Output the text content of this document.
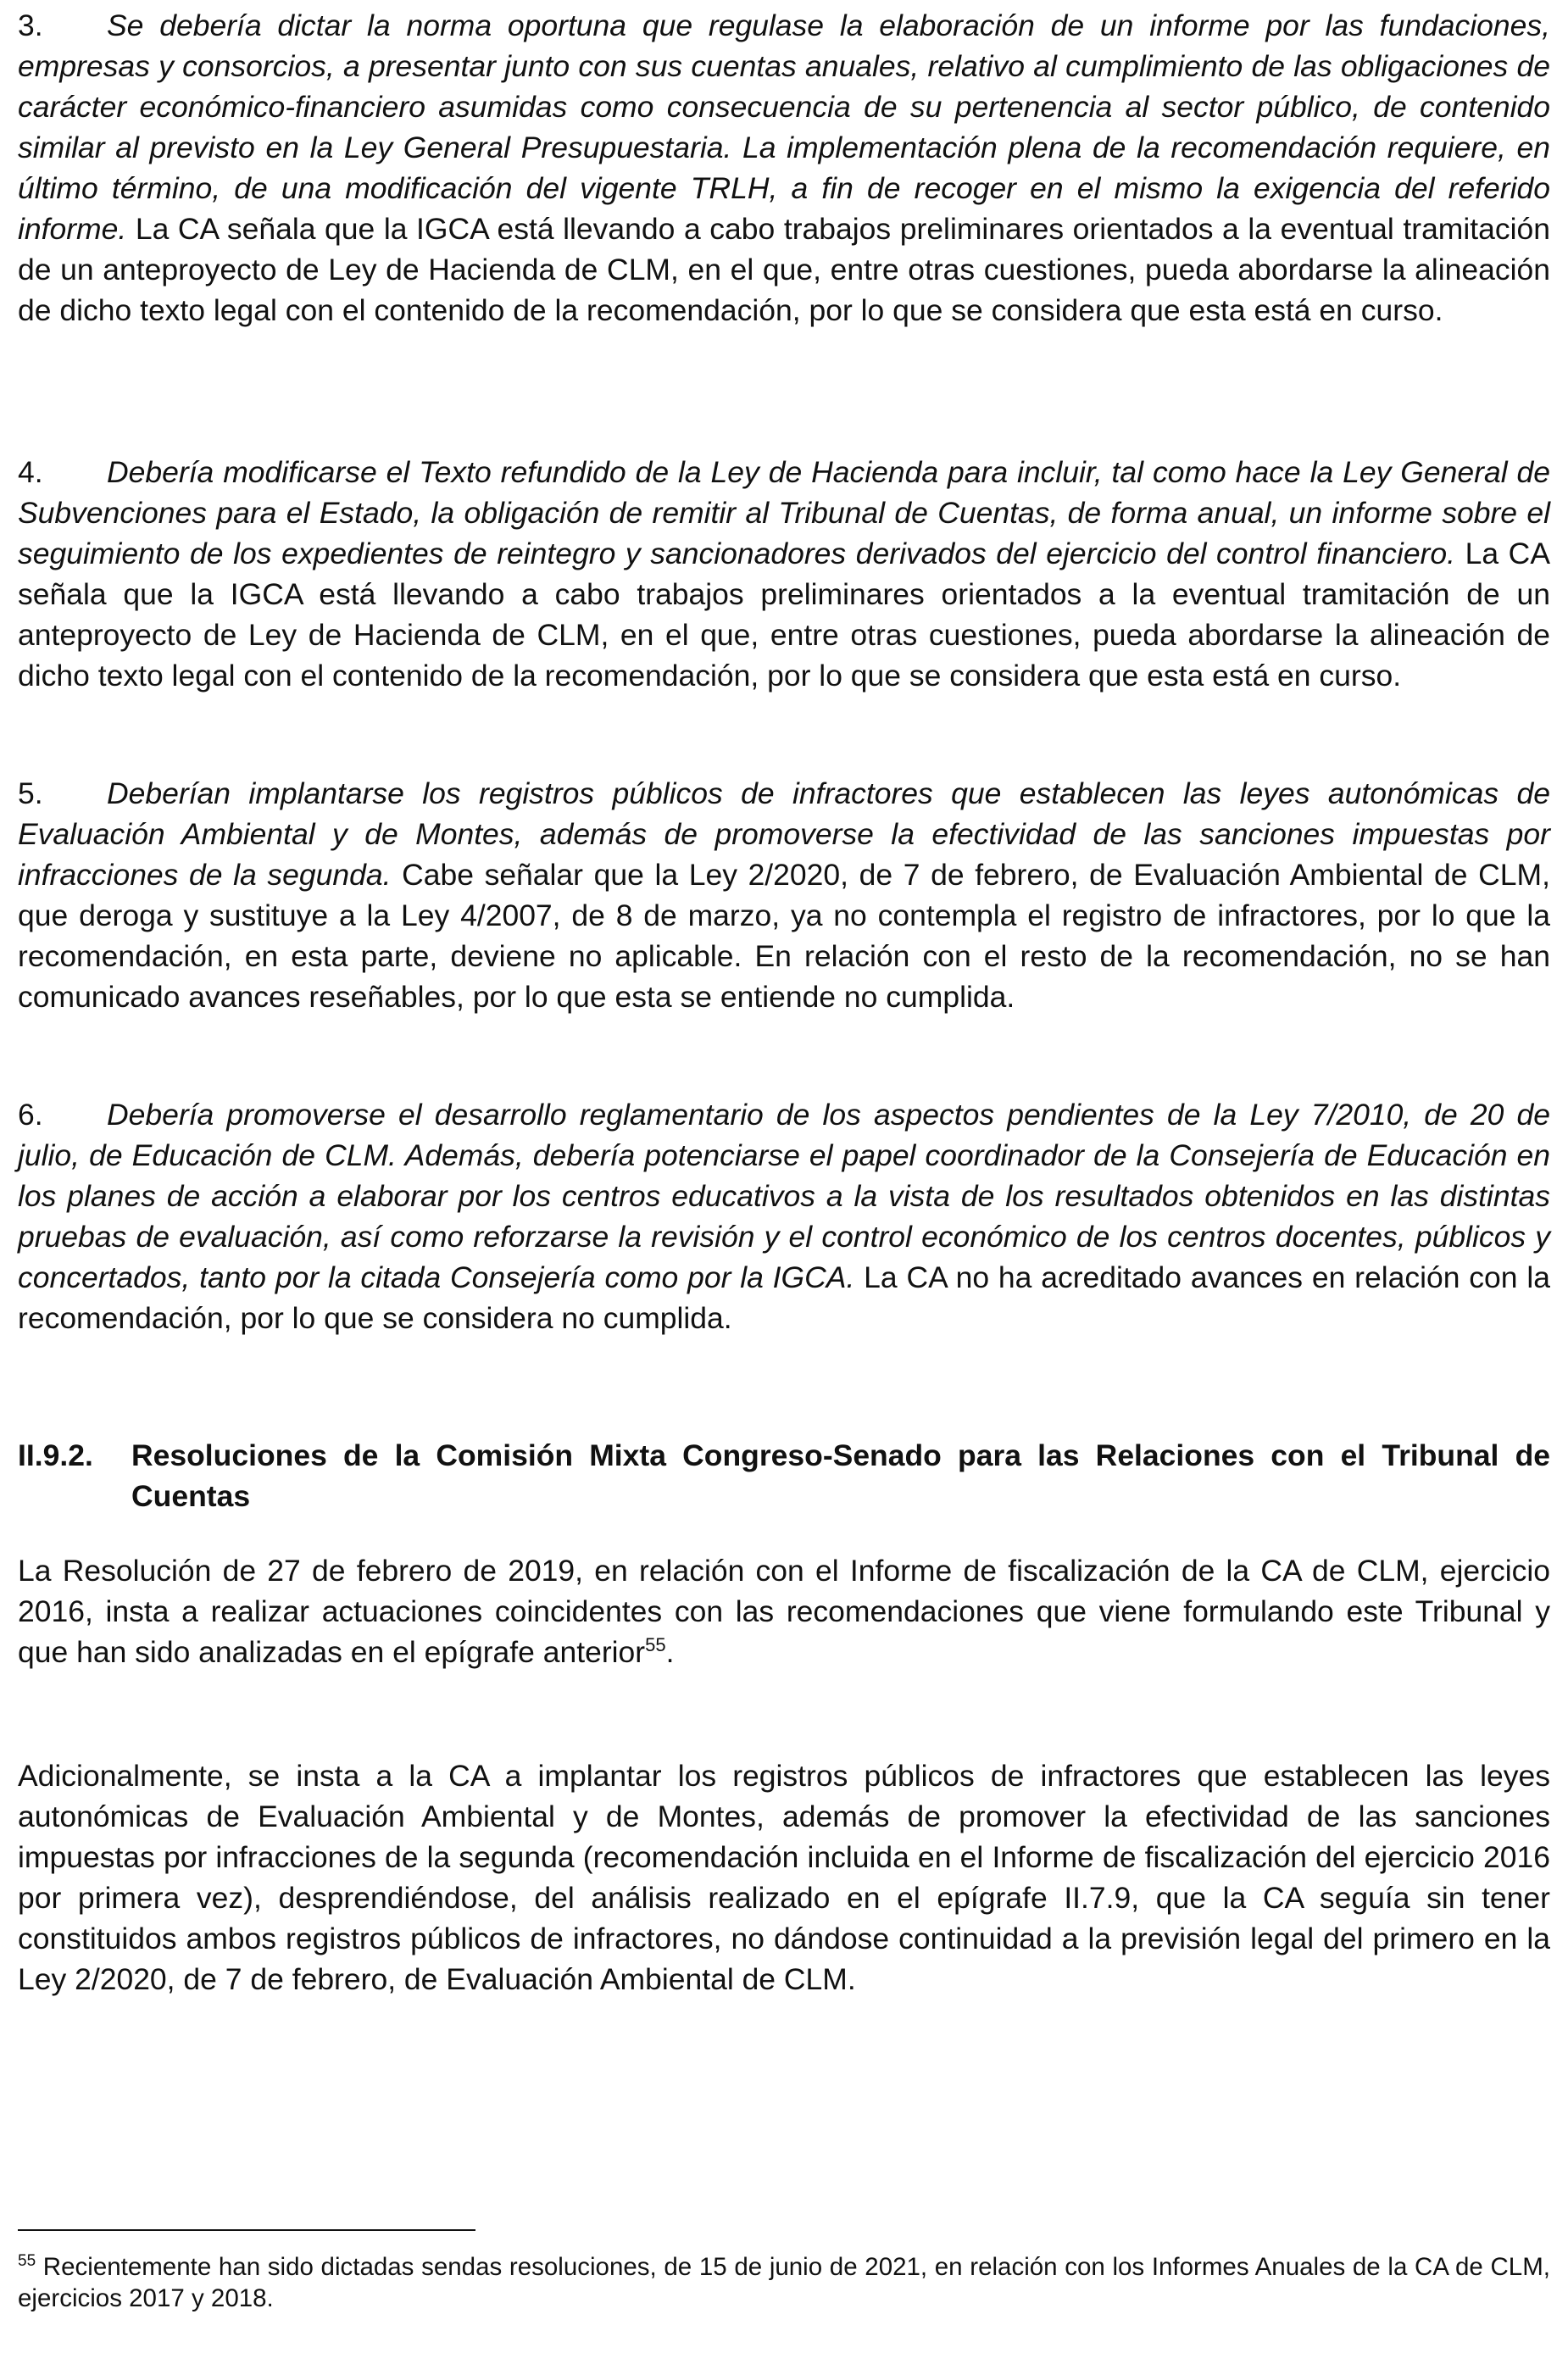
3. Se debería dictar la norma oportuna que regulase la elaboración de un informe por las fundaciones, empresas y consorcios, a presentar junto con sus cuentas anuales, relativo al cumplimiento de las obligaciones de carácter económico-financiero asumidas como consecuencia de su pertenencia al sector público, de contenido similar al previsto en la Ley General Presupuestaria. La implementación plena de la recomendación requiere, en último término, de una modificación del vigente TRLH, a fin de recoger en el mismo la exigencia del referido informe. La CA señala que la IGCA está llevando a cabo trabajos preliminares orientados a la eventual tramitación de un anteproyecto de Ley de Hacienda de CLM, en el que, entre otras cuestiones, pueda abordarse la alineación de dicho texto legal con el contenido de la recomendación, por lo que se considera que esta está en curso.

4. Debería modificarse el Texto refundido de la Ley de Hacienda para incluir, tal como hace la Ley General de Subvenciones para el Estado, la obligación de remitir al Tribunal de Cuentas, de forma anual, un informe sobre el seguimiento de los expedientes de reintegro y sancionadores derivados del ejercicio del control financiero. La CA señala que la IGCA está llevando a cabo trabajos preliminares orientados a la eventual tramitación de un anteproyecto de Ley de Hacienda de CLM, en el que, entre otras cuestiones, pueda abordarse la alineación de dicho texto legal con el contenido de la recomendación, por lo que se considera que esta está en curso.

5. Deberían implantarse los registros públicos de infractores que establecen las leyes autonómicas de Evaluación Ambiental y de Montes, además de promoverse la efectividad de las sanciones impuestas por infracciones de la segunda. Cabe señalar que la Ley 2/2020, de 7 de febrero, de Evaluación Ambiental de CLM, que deroga y sustituye a la Ley 4/2007, de 8 de marzo, ya no contempla el registro de infractores, por lo que la recomendación, en esta parte, deviene no aplicable. En relación con el resto de la recomendación, no se han comunicado avances reseñables, por lo que esta se entiende no cumplida.

6. Debería promoverse el desarrollo reglamentario de los aspectos pendientes de la Ley 7/2010, de 20 de julio, de Educación de CLM. Además, debería potenciarse el papel coordinador de la Consejería de Educación en los planes de acción a elaborar por los centros educativos a la vista de los resultados obtenidos en las distintas pruebas de evaluación, así como reforzarse la revisión y el control económico de los centros docentes, públicos y concertados, tanto por la citada Consejería como por la IGCA. La CA no ha acreditado avances en relación con la recomendación, por lo que se considera no cumplida.

II.9.2.	Resoluciones de la Comisión Mixta Congreso-Senado para las Relaciones con el Tribunal de Cuentas

La Resolución de 27 de febrero de 2019, en relación con el Informe de fiscalización de la CA de CLM, ejercicio 2016, insta a realizar actuaciones coincidentes con las recomendaciones que viene formulando este Tribunal y que han sido analizadas en el epígrafe anterior$^{55}$.

Adicionalmente, se insta a la CA a implantar los registros públicos de infractores que establecen las leyes autonómicas de Evaluación Ambiental y de Montes, además de promover la efectividad de las sanciones impuestas por infracciones de la segunda (recomendación incluida en el Informe de fiscalización del ejercicio 2016 por primera vez), desprendiéndose, del análisis realizado en el epígrafe II.7.9, que la CA seguía sin tener constituidos ambos registros públicos de infractores, no dándose continuidad a la previsión legal del primero en la Ley 2/2020, de 7 de febrero, de Evaluación Ambiental de CLM.

$^{55}$ Recientemente han sido dictadas sendas resoluciones, de 15 de junio de 2021, en relación con los Informes Anuales de la CA de CLM, ejercicios 2017 y 2018.
